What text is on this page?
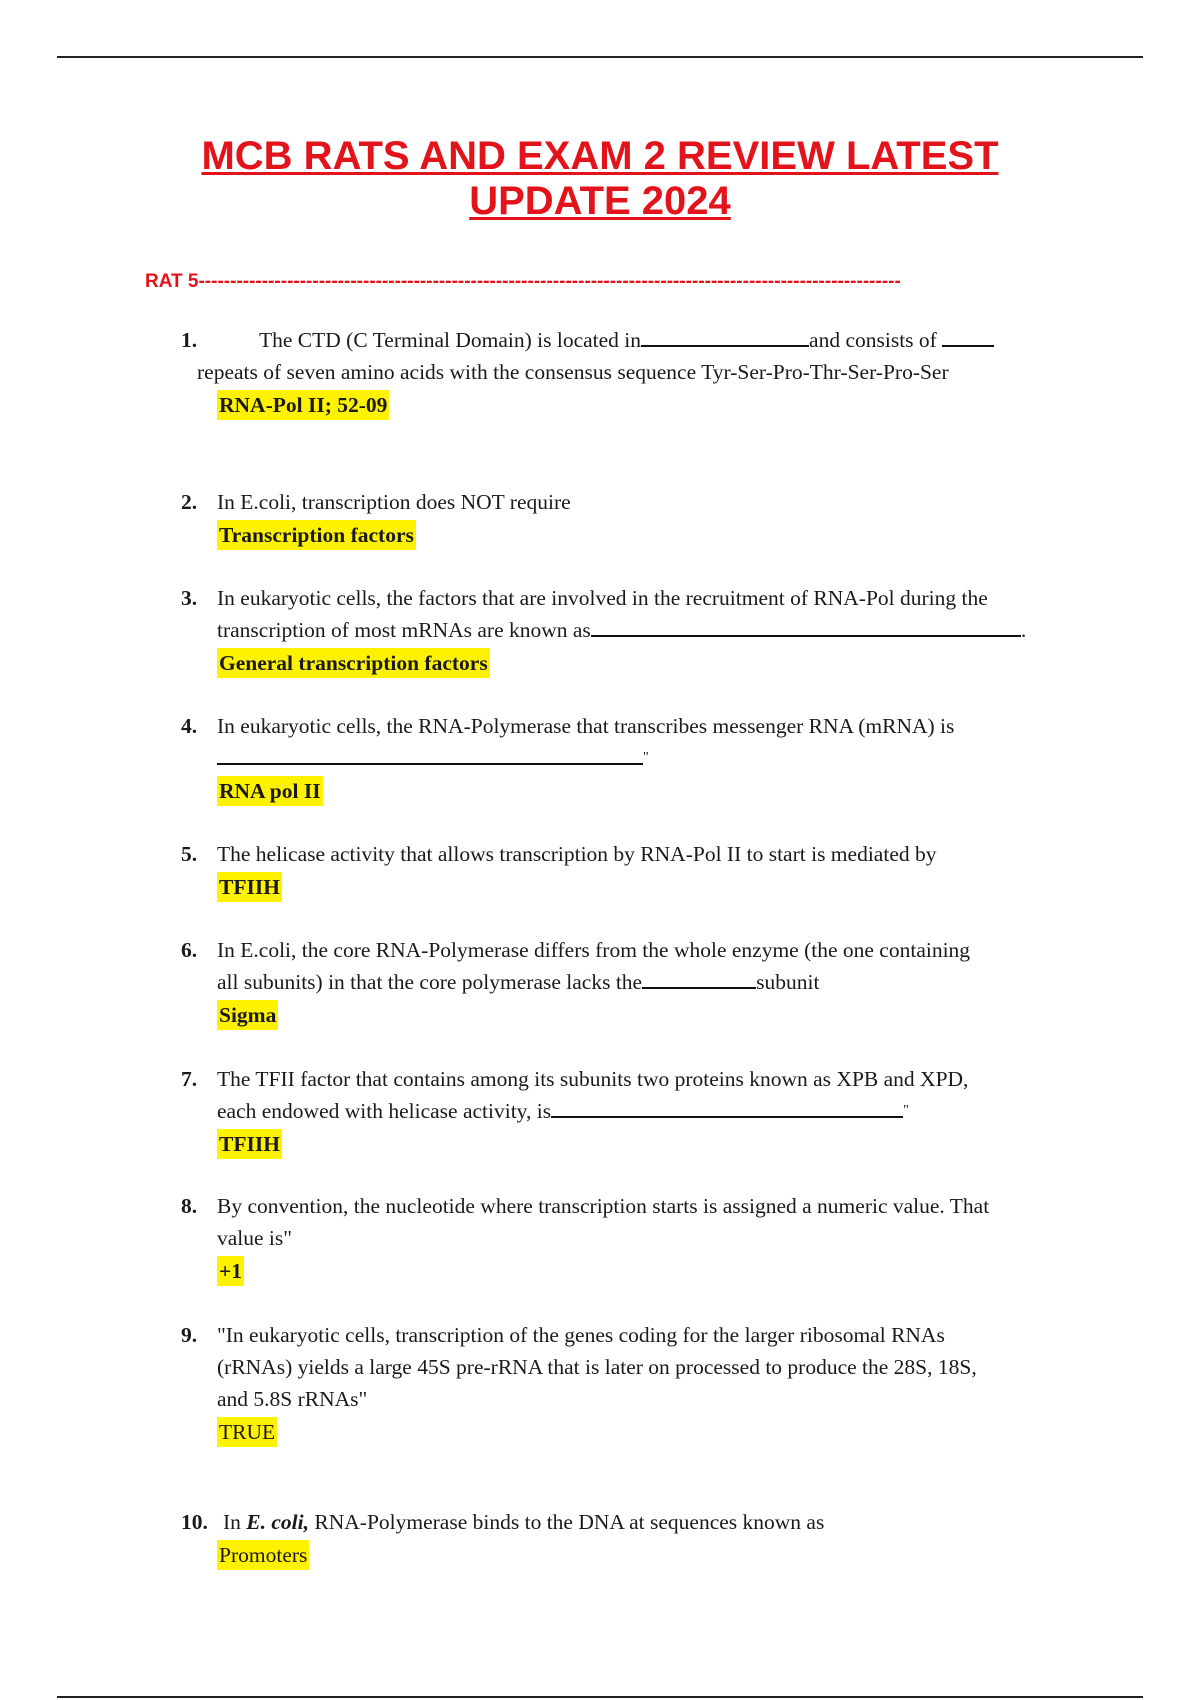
MCB RATS AND EXAM 2 REVIEW LATEST
UPDATE 2024
RAT 5---------------------------------------------------------------------------------------------------------------
1.	The CTD (C Terminal Domain) is located in	and consists of
repeats of seven amino acids with the consensus sequence Tyr-Ser-Pro-Thr-Ser-Pro-Ser
RNA-Pol II; 52-09
2. In E.coli, transcription does NOT require
Transcription factors
3. In eukaryotic cells, the factors that are involved in the recruitment of RNA-Pol during the
transcription of most mRNAs are known as	.
General transcription factors
4. In eukaryotic cells, the RNA-Polymerase that transcribes messenger RNA (mRNA) is
"
RNA pol II
5. The helicase activity that allows transcription by RNA-Pol II to start is mediated by
TFIIH
6. In E.coli, the core RNA-Polymerase differs from the whole enzyme (the one containing
all subunits) in that the core polymerase lacks the	subunit
Sigma
7. The TFII factor that contains among its subunits two proteins known as XPB and XPD,
each endowed with helicase activity, is	"
TFIIH
8. By convention, the nucleotide where transcription starts is assigned a numeric value. That
value is"
+1
9. "In eukaryotic cells, transcription of the genes coding for the larger ribosomal RNAs
(rRNAs) yields a large 45S pre-rRNA that is later on processed to produce the 28S, 18S,
and 5.8S rRNAs"
TRUE
10. In E. coli, RNA-Polymerase binds to the DNA at sequences known as
Promoters
